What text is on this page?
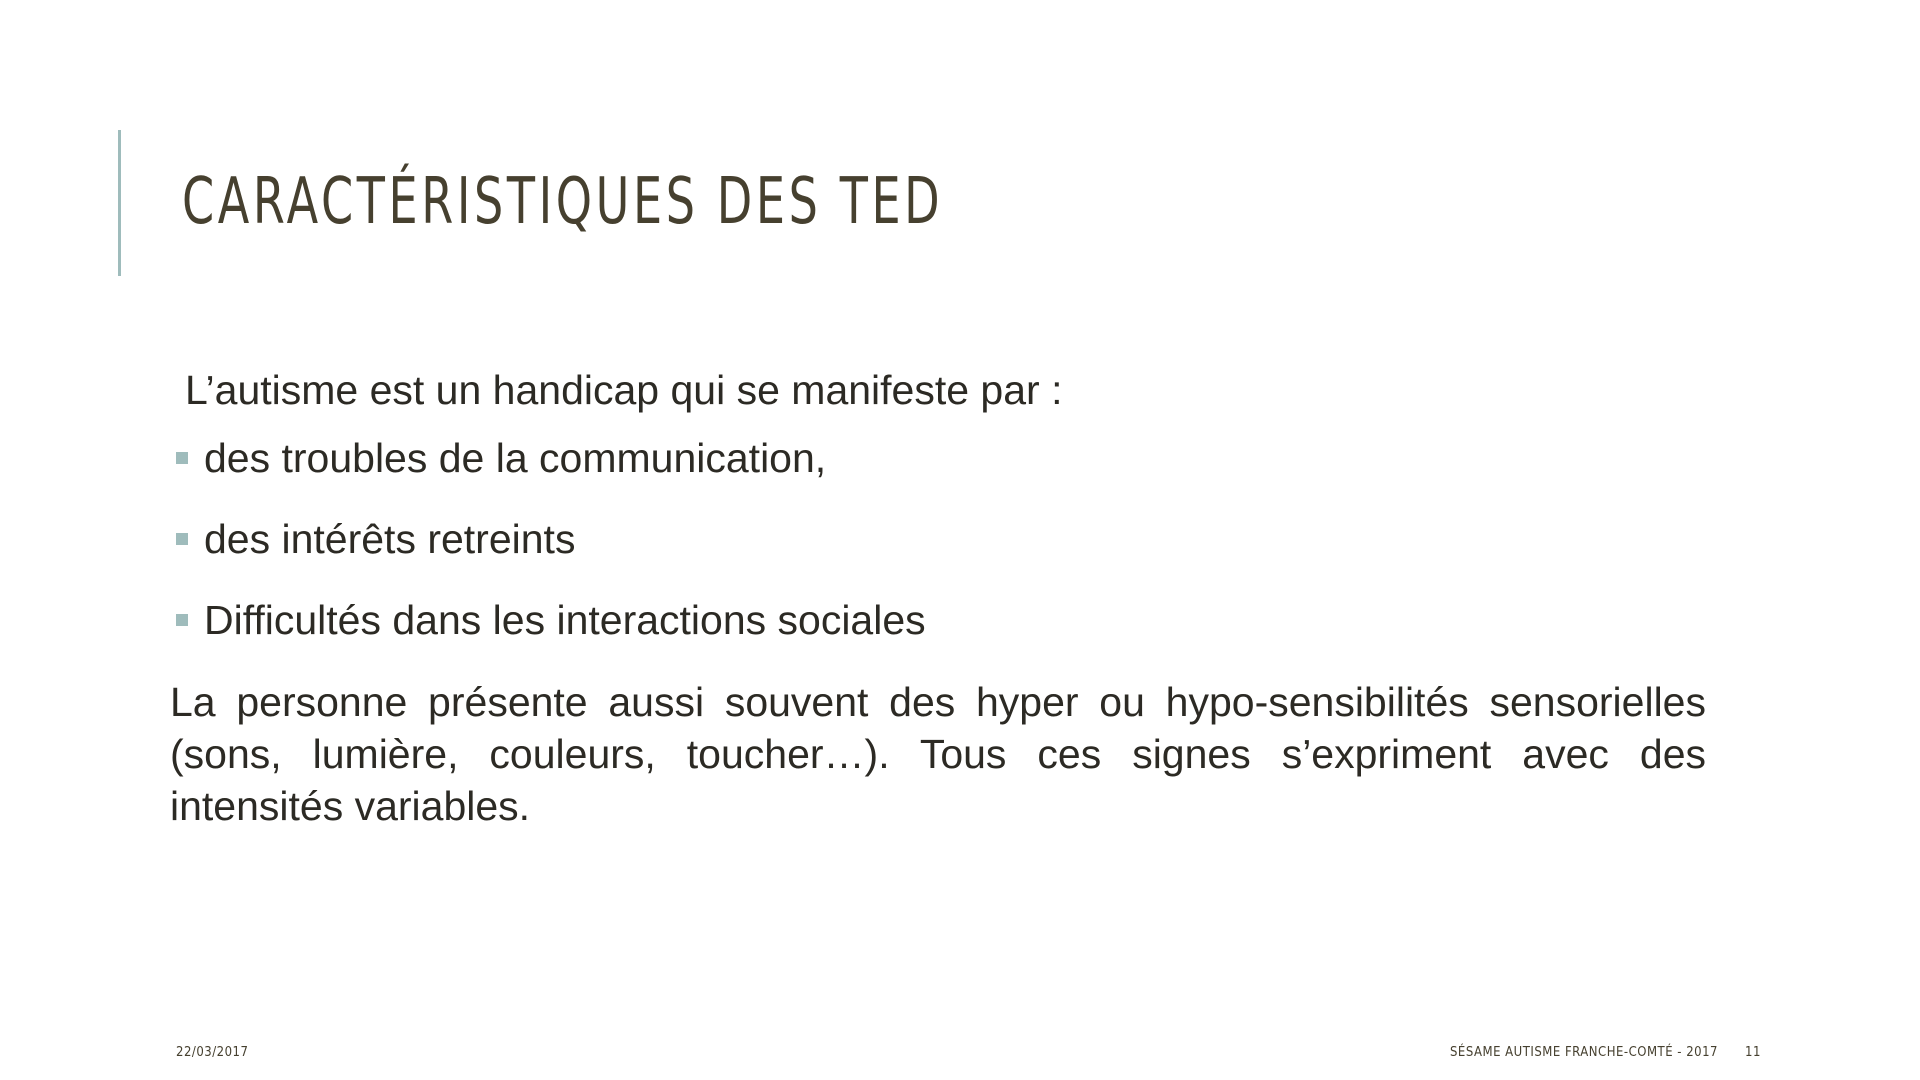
CARACTÉRISTIQUES DES TED

L’autisme est un handicap qui se manifeste par :

des troubles de la communication,
des intérêts retreints
Difficultés dans les interactions sociales

La personne présente aussi souvent des hyper ou hypo-sensibilités sensorielles (sons, lumière, couleurs, toucher…). Tous ces signes s’expriment avec des intensités variables.

22/03/2017	SÉSAME AUTISME FRANCHE-COMTÉ - 2017 11
